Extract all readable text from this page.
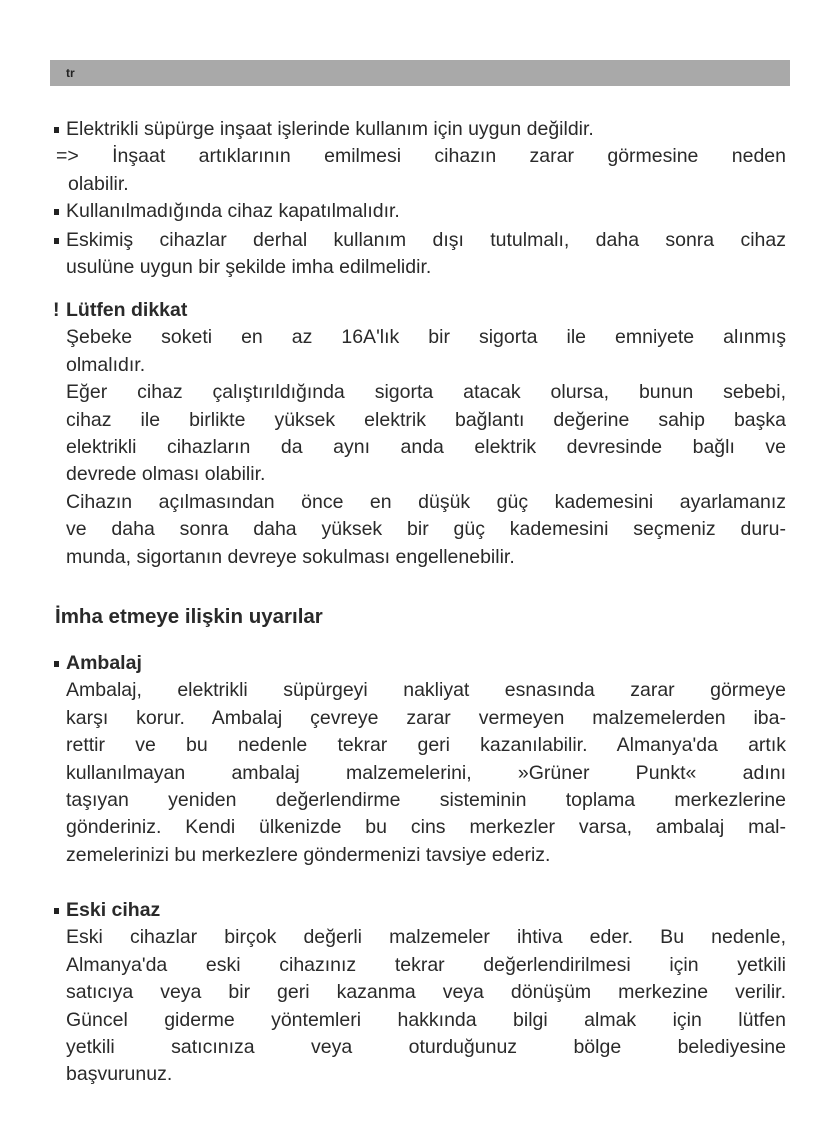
tr
Elektrikli süpürge inşaat işlerinde kullanım için uygun değildir.
=> İnşaat artıklarının emilmesi cihazın zarar görmesine neden
olabilir.
Kullanılmadığında cihaz kapatılmalıdır.
Eskimiş cihazlar derhal kullanım dışı tutulmalı, daha sonra cihaz
usulüne uygun bir şekilde imha edilmelidir.
! Lütfen dikkat
Şebeke soketi en az 16A'lık bir sigorta ile emniyete alınmış
olmalıdır.
Eğer cihaz çalıştırıldığında sigorta atacak olursa, bunun sebebi,
cihaz ile birlikte yüksek elektrik bağlantı değerine sahip başka
elektrikli cihazların da aynı anda elektrik devresinde bağlı ve
devrede olması olabilir.
Cihazın açılmasından önce en düşük güç kademesini ayarlamanız
ve daha sonra daha yüksek bir güç kademesini seçmeniz duru-
munda, sigortanın devreye sokulması engellenebilir.
İmha etmeye ilişkin uyarılar
Ambalaj
Ambalaj, elektrikli süpürgeyi nakliyat esnasında zarar görmeye
karşı korur. Ambalaj çevreye zarar vermeyen malzemelerden iba-
rettir ve bu nedenle tekrar geri kazanılabilir. Almanya'da artık
kullanılmayan ambalaj malzemelerini, »Grüner Punkt« adını
taşıyan yeniden değerlendirme sisteminin toplama merkezlerine
gönderiniz. Kendi ülkenizde bu cins merkezler varsa, ambalaj mal-
zemelerinizi bu merkezlere göndermenizi tavsiye ederiz.
Eski cihaz
Eski cihazlar birçok değerli malzemeler ihtiva eder. Bu nedenle,
Almanya'da eski cihazınız tekrar değerlendirilmesi için yetkili
satıcıya veya bir geri kazanma veya dönüşüm merkezine verilir.
Güncel giderme yöntemleri hakkında bilgi almak için lütfen
yetkili satıcınıza veya oturduğunuz bölge belediyesine
başvurunuz.
